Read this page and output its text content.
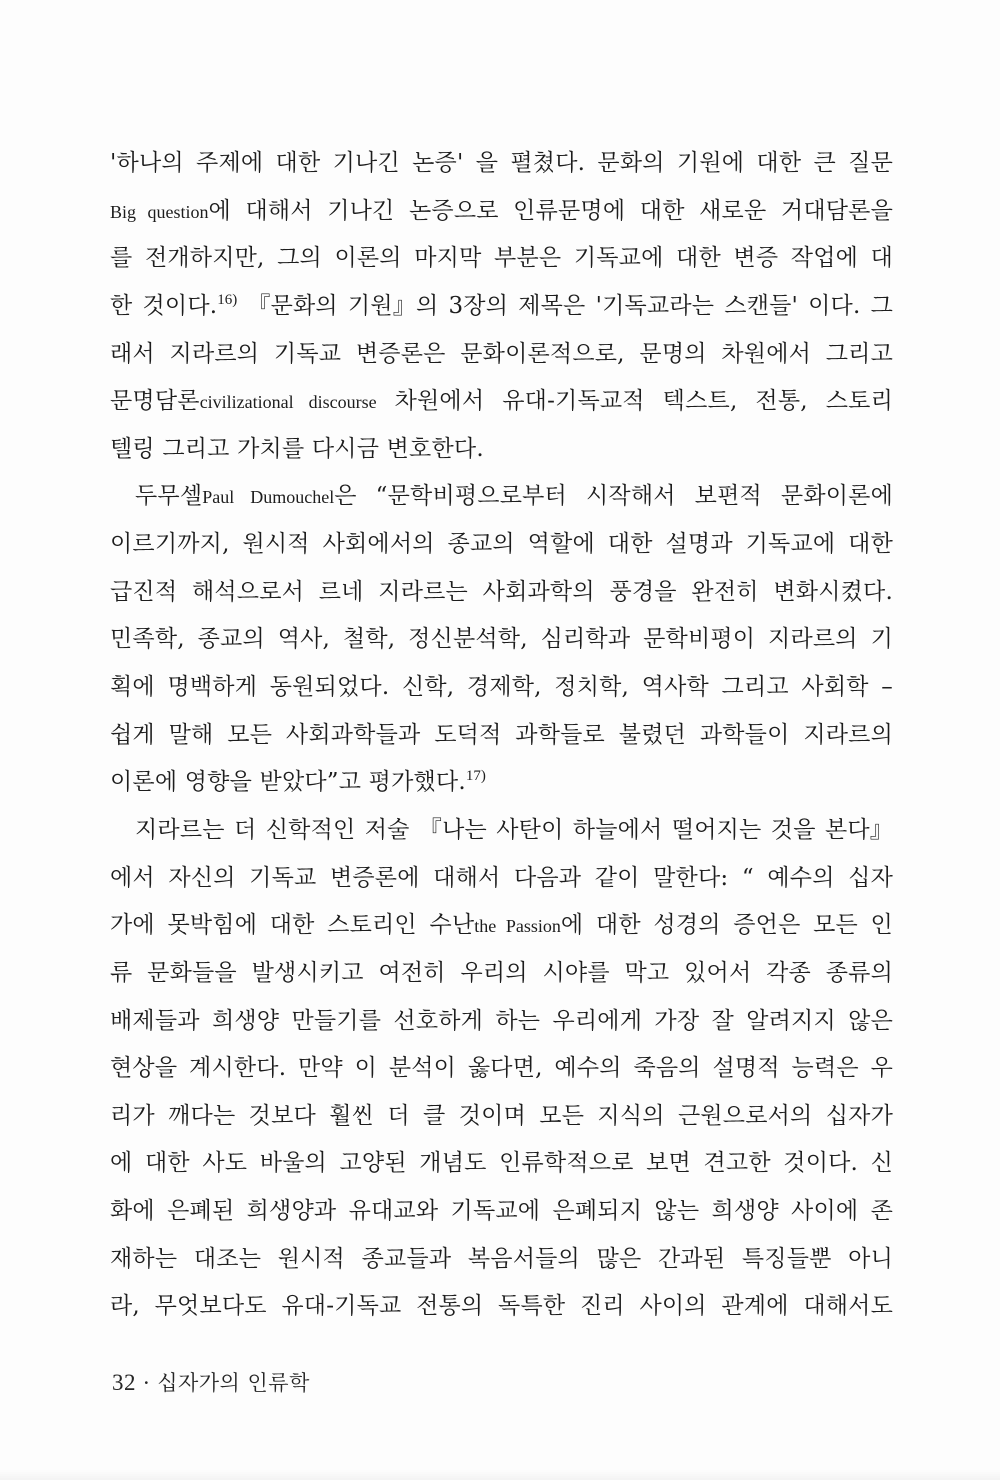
'하나의 주제에 대한 기나긴 논증' 을 펼쳤다. 문화의 기원에 대한 큰 질문
Big question에 대해서 기나긴 논증으로 인류문명에 대한 새로운 거대담론을
를 전개하지만, 그의 이론의 마지막 부분은 기독교에 대한 변증 작업에 대
한 것이다.$^{16)}$ 『문화의 기원』의 3장의 제목은 '기독교라는 스캔들' 이다. 그
래서 지라르의 기독교 변증론은 문화이론적으로, 문명의 차원에서 그리고
문명담론civilizational discourse 차원에서 유대-기독교적 텍스트, 전통, 스토리
텔링 그리고 가치를 다시금 변호한다.
두무셀Paul Dumouchel은 “문학비평으로부터 시작해서 보편적 문화이론에
이르기까지, 원시적 사회에서의 종교의 역할에 대한 설명과 기독교에 대한
급진적 해석으로서 르네 지라르는 사회과학의 풍경을 완전히 변화시켰다.
민족학, 종교의 역사, 철학, 정신분석학, 심리학과 문학비평이 지라르의 기
획에 명백하게 동원되었다. 신학, 경제학, 정치학, 역사학 그리고 사회학 –
쉽게 말해 모든 사회과학들과 도덕적 과학들로 불렸던 과학들이 지라르의
이론에 영향을 받았다”고 평가했다.$^{17)}$
지라르는 더 신학적인 저술 『나는 사탄이 하늘에서 떨어지는 것을 본다』
에서 자신의 기독교 변증론에 대해서 다음과 같이 말한다: “ 예수의 십자
가에 못박힘에 대한 스토리인 수난the Passion에 대한 성경의 증언은 모든 인
류 문화들을 발생시키고 여전히 우리의 시야를 막고 있어서 각종 종류의
배제들과 희생양 만들기를 선호하게 하는 우리에게 가장 잘 알려지지 않은
현상을 계시한다. 만약 이 분석이 옳다면, 예수의 죽음의 설명적 능력은 우
리가 깨다는 것보다 훨씬 더 클 것이며 모든 지식의 근원으로서의 십자가
에 대한 사도 바울의 고양된 개념도 인류학적으로 보면 견고한 것이다. 신
화에 은폐된 희생양과 유대교와 기독교에 은폐되지 않는 희생양 사이에 존
재하는 대조는 원시적 종교들과 복음서들의 많은 간과된 특징들뿐 아니
라, 무엇보다도 유대-기독교 전통의 독특한 진리 사이의 관계에 대해서도
32 · 십자가의 인류학
